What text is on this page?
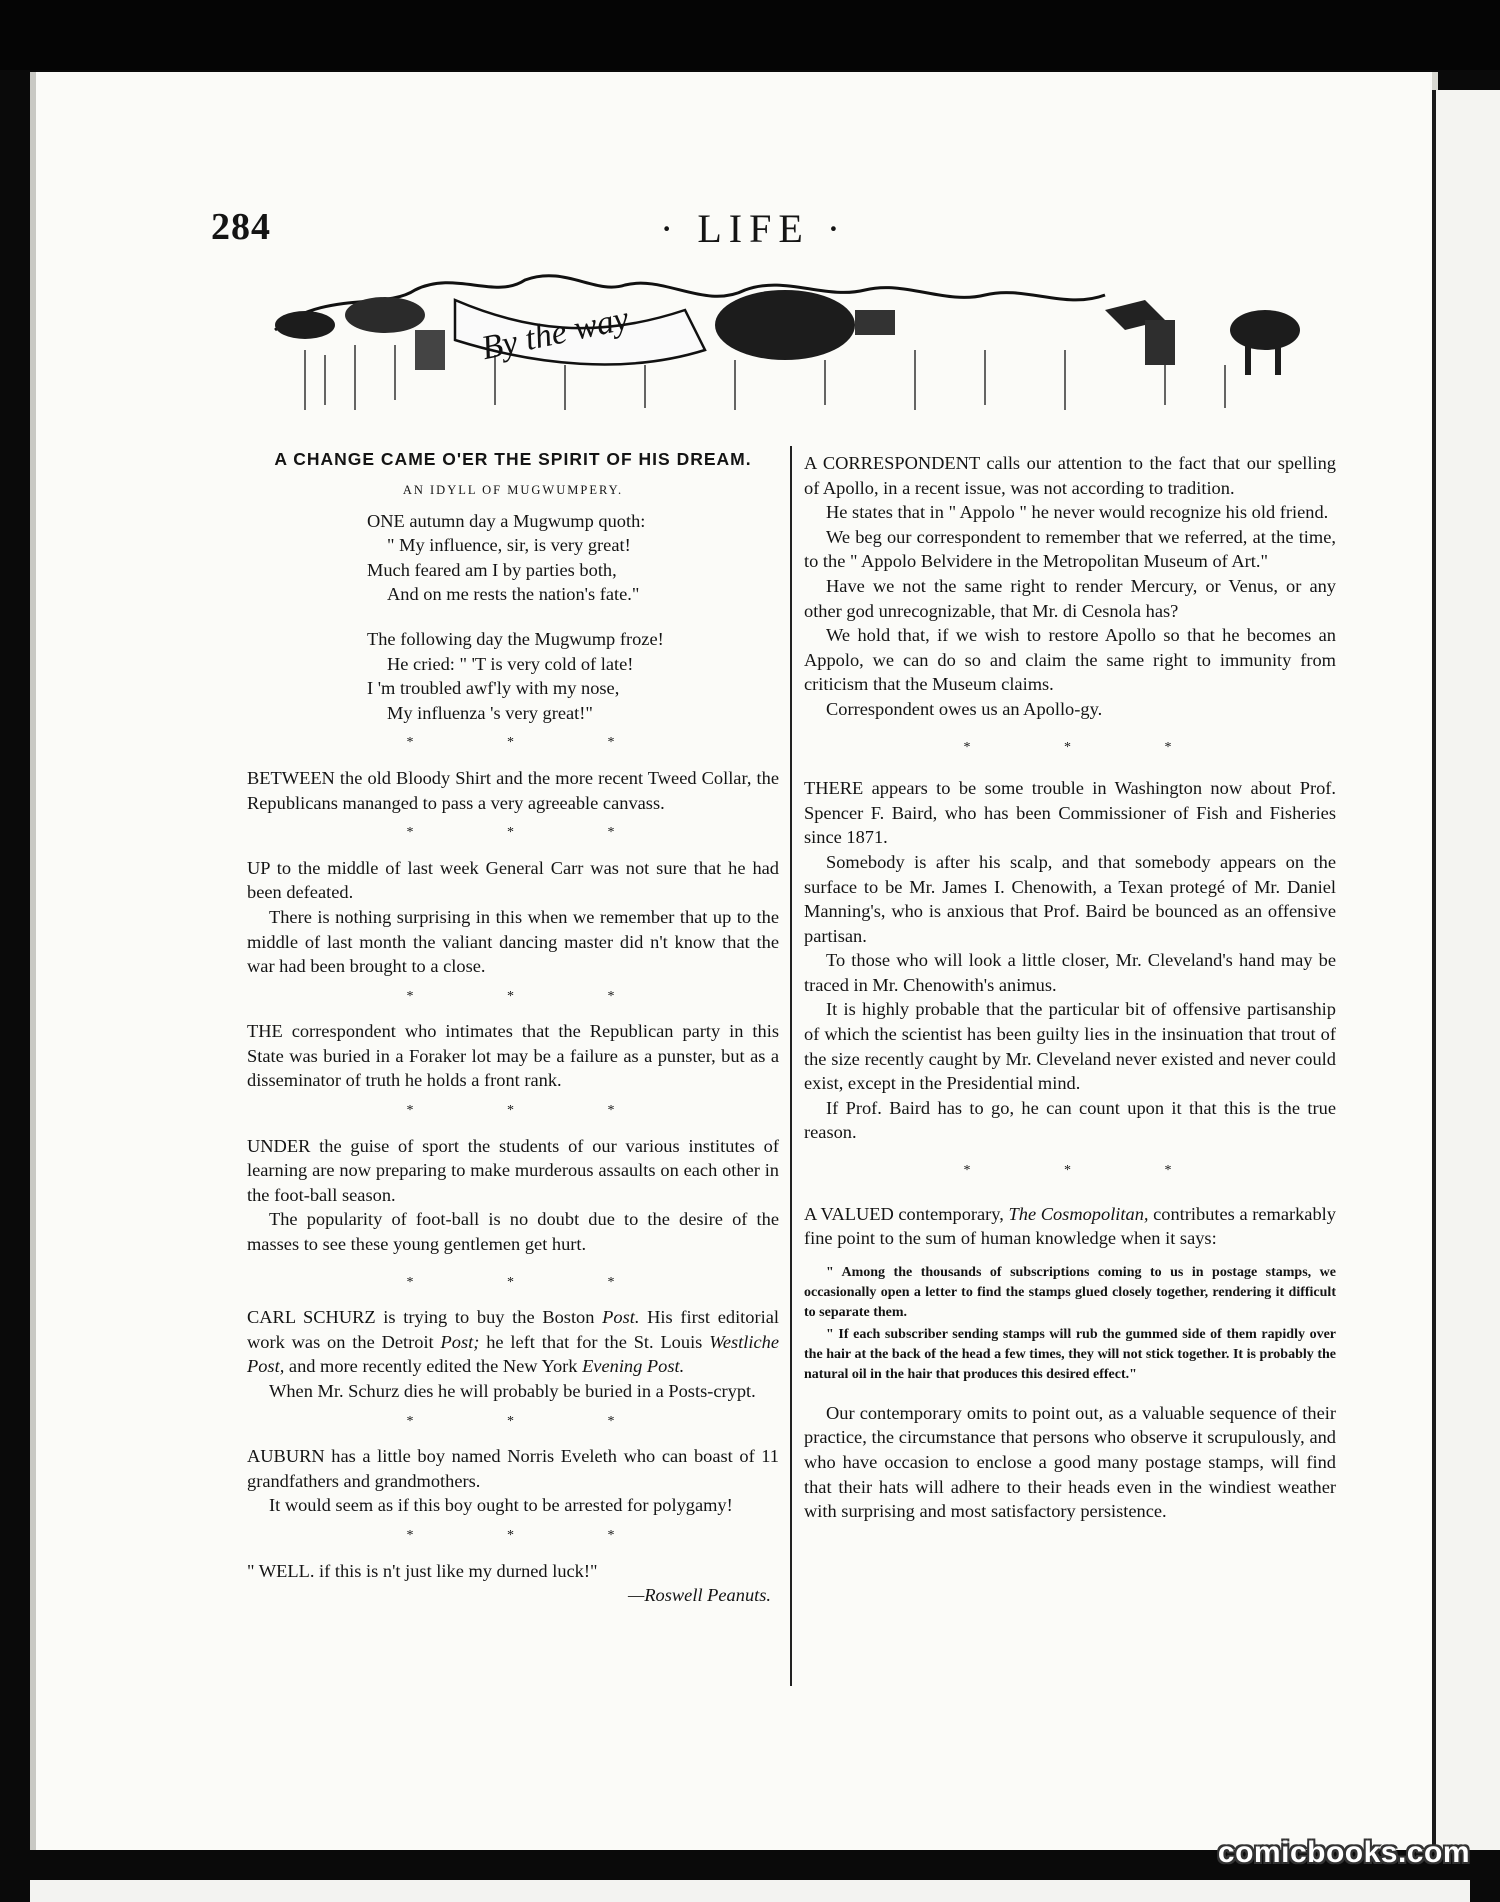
284	· LIFE ·
By the way

A CHANGE CAME O'ER THE SPIRIT OF HIS DREAM.

AN IDYLL OF MUGWUMPERY.

ONE autumn day a Mugwump quoth:

" My influence, sir, is very great!

Much feared am I by parties both,

And on me rests the nation's fate."

The following day the Mugwump froze!

He cried: " 'T is very cold of late!

I 'm troubled awf'ly with my nose,

My influenza 's very great!"

* * *

BETWEEN the old Bloody Shirt and the more recent Tweed Collar, the Republicans mananged to pass a very agreeable canvass.

* * *

UP to the middle of last week General Carr was not sure that he had been defeated.

There is nothing surprising in this when we remember that up to the middle of last month the valiant dancing master did n't know that the war had been brought to a close.

* * *

THE correspondent who intimates that the Republican party in this State was buried in a Foraker lot may be a failure as a punster, but as a disseminator of truth he holds a front rank.

* * *

UNDER the guise of sport the students of our various institutes of learning are now preparing to make murderous assaults on each other in the foot-ball season.

The popularity of foot-ball is no doubt due to the desire of the masses to see these young gentlemen get hurt.

* * *

CARL SCHURZ is trying to buy the Boston Post. His first editorial work was on the Detroit Post; he left that for the St. Louis Westliche Post, and more recently edited the New York Evening Post.

When Mr. Schurz dies he will probably be buried in a Posts-crypt.

* * *

AUBURN has a little boy named Norris Eveleth who can boast of 11 grandfathers and grandmothers.

It would seem as if this boy ought to be arrested for polygamy!

* * *

" WELL. if this is n't just like my durned luck!"

—Roswell Peanuts.

A CORRESPONDENT calls our attention to the fact that our spelling of Apollo, in a recent issue, was not according to tradition.

He states that in " Appolo " he never would recognize his old friend.

We beg our correspondent to remember that we referred, at the time, to the " Appolo Belvidere in the Metropolitan Museum of Art."

Have we not the same right to render Mercury, or Venus, or any other god unrecognizable, that Mr. di Cesnola has?

We hold that, if we wish to restore Apollo so that he becomes an Appolo, we can do so and claim the same right to immunity from criticism that the Museum claims.

Correspondent owes us an Apollo-gy.

* * *

THERE appears to be some trouble in Washington now about Prof. Spencer F. Baird, who has been Commissioner of Fish and Fisheries since 1871.

Somebody is after his scalp, and that somebody appears on the surface to be Mr. James I. Chenowith, a Texan protegé of Mr. Daniel Manning's, who is anxious that Prof. Baird be bounced as an offensive partisan.

To those who will look a little closer, Mr. Cleveland's hand may be traced in Mr. Chenowith's animus.

It is highly probable that the particular bit of offensive partisanship of which the scientist has been guilty lies in the insinuation that trout of the size recently caught by Mr. Cleveland never existed and never could exist, except in the Presidential mind.

If Prof. Baird has to go, he can count upon it that this is the true reason.

* * *

A VALUED contemporary, The Cosmopolitan, contributes a remarkably fine point to the sum of human knowledge when it says:

" Among the thousands of subscriptions coming to us in postage stamps, we occasionally open a letter to find the stamps glued closely together, rendering it difficult to separate them.

" If each subscriber sending stamps will rub the gummed side of them rapidly over the hair at the back of the head a few times, they will not stick together. It is probably the natural oil in the hair that produces this desired effect."

Our contemporary omits to point out, as a valuable sequence of their practice, the circumstance that persons who observe it scrupulously, and who have occasion to enclose a good many postage stamps, will find that their hats will adhere to their heads even in the windiest weather with surprising and most satisfactory persistence.

comicbooks.com
